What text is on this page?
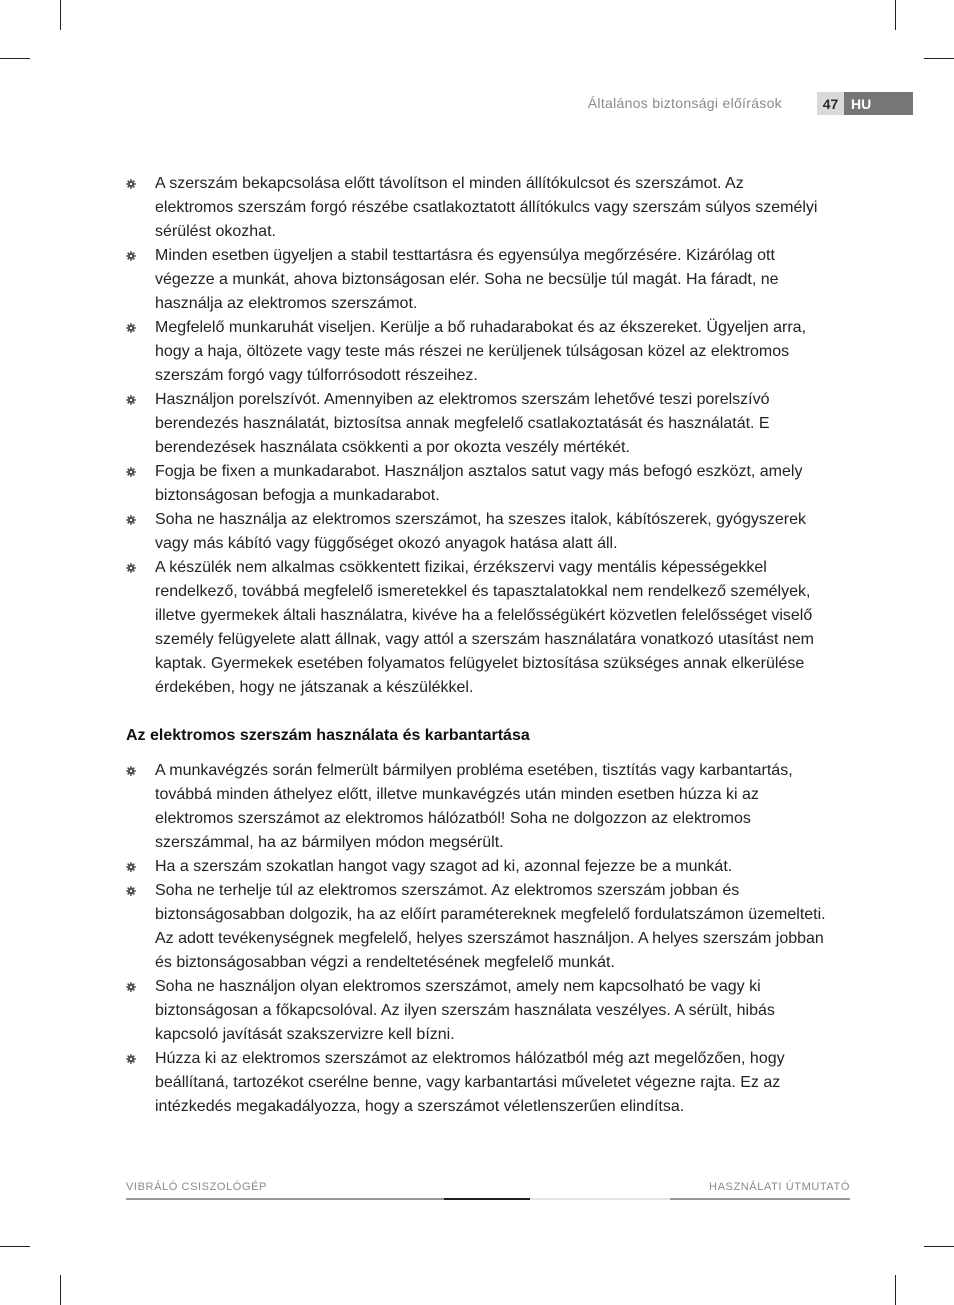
Általános biztonsági előírások	47 HU
A szerszám bekapcsolása előtt távolítson el minden állítókulcsot és szerszámot. Az elektromos szerszám forgó részébe csatlakoztatott állítókulcs vagy szerszám súlyos személyi sérülést okozhat.
Minden esetben ügyeljen a stabil testtartásra és egyensúlya megőrzésére. Kizárólag ott végezze a munkát, ahova biztonságosan elér. Soha ne becsülje túl magát. Ha fáradt, ne használja az elektromos szerszámot.
Megfelelő munkaruhát viseljen. Kerülje a bő ruhadarabokat és az ékszereket. Ügyeljen arra, hogy a haja, öltözete vagy teste más részei ne kerüljenek túlságosan közel az elektromos szerszám forgó vagy túlforrósodott részeihez.
Használjon porelszívót. Amennyiben az elektromos szerszám lehetővé teszi porelszívó berendezés használatát, biztosítsa annak megfelelő csatlakoztatását és használatát. E berendezések használata csökkenti a por okozta veszély mértékét.
Fogja be fixen a munkadarabot. Használjon asztalos satut vagy más befogó eszközt, amely biztonságosan befogja a munkadarabot.
Soha ne használja az elektromos szerszámot, ha szeszes italok, kábítószerek, gyógyszerek vagy más kábító vagy függőséget okozó anyagok hatása alatt áll.
A készülék nem alkalmas csökkentett fizikai, érzékszervi vagy mentális képességekkel rendelkező, továbbá megfelelő ismeretekkel és tapasztalatokkal nem rendelkező személyek, illetve gyermekek általi használatra, kivéve ha a felelősségükért közvetlen felelősséget viselő személy felügyelete alatt állnak, vagy attól a szerszám használatára vonatkozó utasítást nem kaptak. Gyermekek esetében folyamatos felügyelet biztosítása szükséges annak elkerülése érdekében, hogy ne játszanak a készülékkel.
Az elektromos szerszám használata és karbantartása
A munkavégzés során felmerült bármilyen probléma esetében, tisztítás vagy karbantartás, továbbá minden áthelyez előtt, illetve munkavégzés után minden esetben húzza ki az elektromos szerszámot az elektromos hálózatból! Soha ne dolgozzon az elektromos szerszámmal, ha az bármilyen módon megsérült.
Ha a szerszám szokatlan hangot vagy szagot ad ki, azonnal fejezze be a munkát.
Soha ne terhelje túl az elektromos szerszámot. Az elektromos szerszám jobban és biztonságosabban dolgozik, ha az előírt paramétereknek megfelelő fordulatszámon üzemelteti. Az adott tevékenységnek megfelelő, helyes szerszámot használjon. A helyes szerszám jobban és biztonságosabban végzi a rendeltetésének megfelelő munkát.
Soha ne használjon olyan elektromos szerszámot, amely nem kapcsolható be vagy ki biztonságosan a főkapcsolóval. Az ilyen szerszám használata veszélyes. A sérült, hibás kapcsoló javítását szakszervizre kell bízni.
Húzza ki az elektromos szerszámot az elektromos hálózatból még azt megelőzően, hogy beállítaná, tartozékot cserélne benne, vagy karbantartási műveletet végezne rajta. Ez az intézkedés megakadályozza, hogy a szerszámot véletlenszerűen elindítsa.
VIBRÁLÓ CSISZOLÓGÉP	HASZNÁLATI ÚTMUTATÓ
